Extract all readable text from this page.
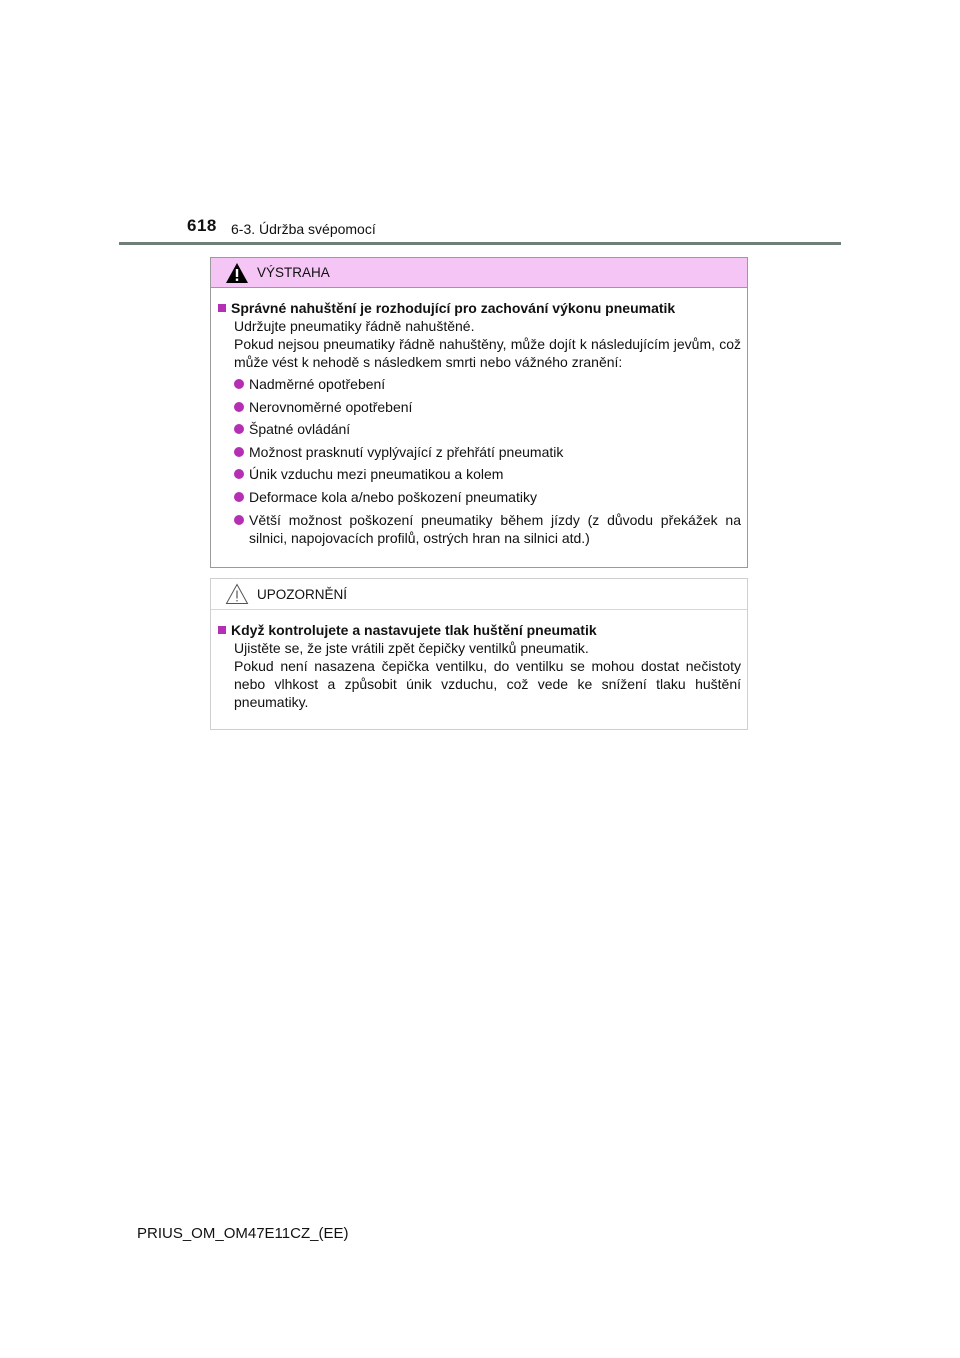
618 6-3. Údržba svépomocí
VÝSTRAHA
Správné nahuštění je rozhodující pro zachování výkonu pneumatik
Udržujte pneumatiky řádně nahuštěné.
Pokud nejsou pneumatiky řádně nahuštěny, může dojít k následujícím jevům, což může vést k nehodě s následkem smrti nebo vážného zranění:
Nadměrné opotřebení
Nerovnoměrné opotřebení
Špatné ovládání
Možnost prasknutí vyplývající z přehřátí pneumatik
Únik vzduchu mezi pneumatikou a kolem
Deformace kola a/nebo poškození pneumatiky
Větší možnost poškození pneumatiky během jízdy (z důvodu překážek na silnici, napojovacích profilů, ostrých hran na silnici atd.)
UPOZORNĚNÍ
Když kontrolujete a nastavujete tlak huštění pneumatik
Ujistěte se, že jste vrátili zpět čepičky ventilků pneumatik.
Pokud není nasazena čepička ventilku, do ventilku se mohou dostat nečistoty nebo vlhkost a způsobit únik vzduchu, což vede ke snížení tlaku huštění pneumatiky.
PRIUS_OM_OM47E11CZ_(EE)
